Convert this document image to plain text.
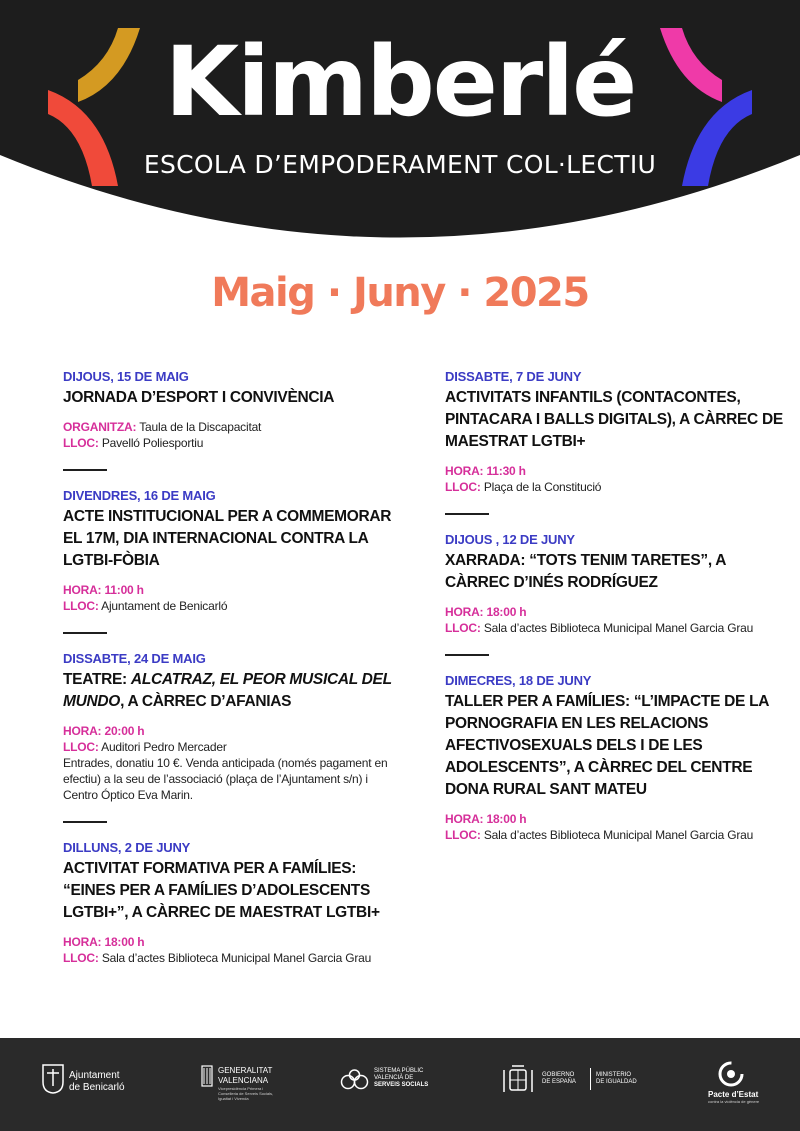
Kimberlé
ESCOLA D’EMPODERAMENT COL·LECTIU
Maig · Juny · 2025
DIJOUS, 15 DE MAIG
JORNADA D’ESPORT I CONVIVÈNCIA
ORGANITZA: Taula de la Discapacitat
LLOC: Pavelló Poliesportiu
DIVENDRES, 16 DE MAIG
ACTE INSTITUCIONAL PER A COMMEMORAR EL 17M, DIA INTERNACIONAL CONTRA LA LGTBI-FÒBIA
HORA: 11:00 h
LLOC: Ajuntament de Benicarló
DISSABTE, 24 DE MAIG
TEATRE: ALCATRAZ, EL PEOR MUSICAL DEL MUNDO, A CÀRREC D’AFANIAS
HORA: 20:00 h
LLOC: Auditori Pedro Mercader
Entrades, donatiu 10 €. Venda anticipada (només pagament en efectiu) a la seu de l’associació (plaça de l’Ajuntament s/n) i Centro Óptico Eva Marin.
DILLUNS, 2 DE JUNY
ACTIVITAT FORMATIVA PER A FAMÍLIES: “EINES PER A FAMÍLIES D’ADOLESCENTS LGTBI+”, A CÀRREC DE MAESTRAT LGTBI+
HORA: 18:00 h
LLOC: Sala d’actes Biblioteca Municipal Manel Garcia Grau
DISSABTE, 7 DE JUNY
ACTIVITATS INFANTILS (CONTACONTES, PINTACARA I BALLS DIGITALS), A CÀRREC DE MAESTRAT LGTBI+
HORA: 11:30 h
LLOC: Plaça de la Constitució
DIJOUS , 12 DE JUNY
XARRADA: “TOTS TENIM TARETES”, A CÀRREC D’INÉS RODRÍGUEZ
HORA: 18:00 h
LLOC: Sala d’actes Biblioteca Municipal Manel Garcia Grau
DIMECRES, 18 DE JUNY
TALLER PER A FAMÍLIES: “L’IMPACTE DE LA PORNOGRAFIA EN LES RELACIONS AFECTIVOSEXUALS DELS I DE LES ADOLESCENTS”, A CÀRREC DEL CENTRE DONA RURAL SANT MATEU
HORA: 18:00 h
LLOC: Sala d’actes Biblioteca Municipal Manel Garcia Grau
Ajuntament
de Benicarló
GENERALITAT
VALENCIANA
Vicepresidència Primera i
Conselleria de Serveis Socials,
Igualtat i Vivenda
SISTEMA PÚBLIC
VALENCIÀ DE
SERVEIS SOCIALS
GOBIERNO
DE ESPAÑA
MINISTERIO
DE IGUALDAD
Pacte d’Estat
contra la violència de gènere
